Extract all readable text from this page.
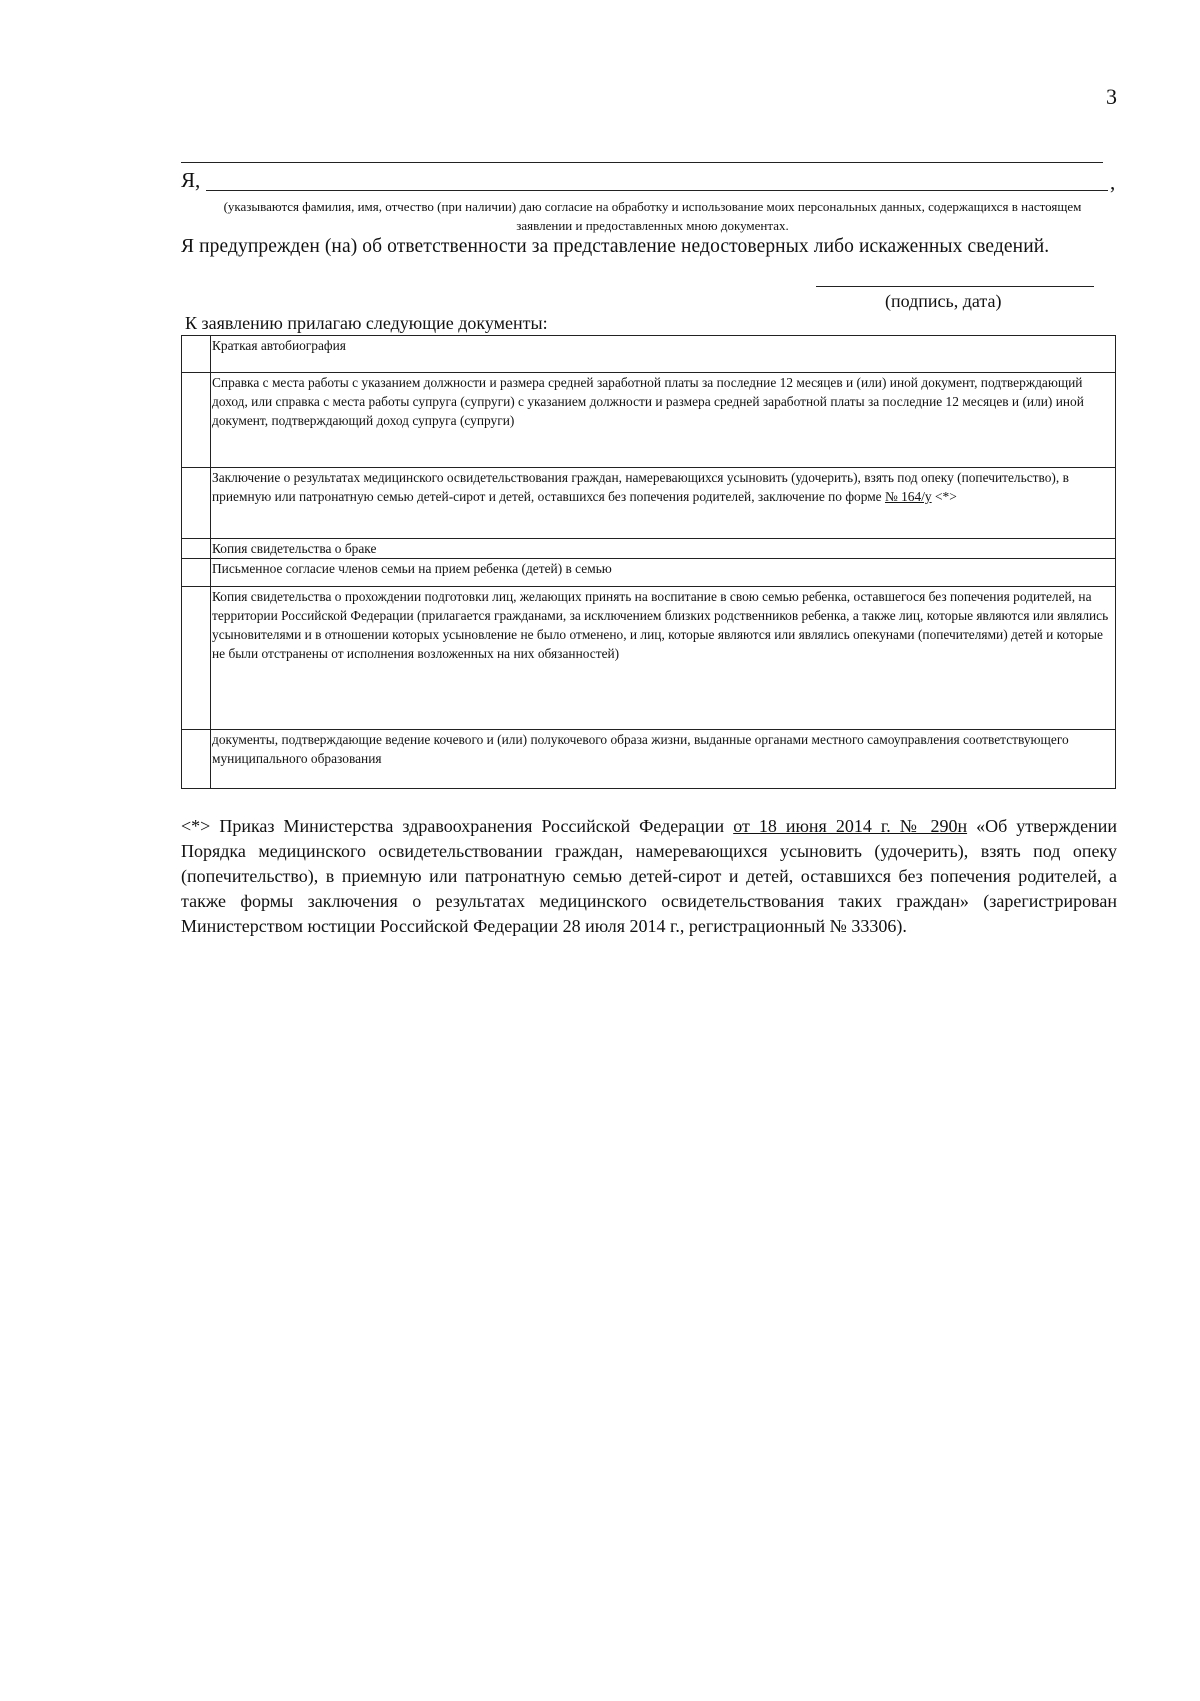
3
Я,	,
(указываются фамилия, имя, отчество (при наличии) даю согласие на обработку и использование моих персональных данных, содержащихся в настоящем заявлении и предоставленных мною документах.
Я предупрежден (на) об ответственности за представление недостоверных либо искаженных сведений.
(подпись, дата)
К заявлению прилагаю следующие документы:
	Краткая автобиография
	Справка с места работы с указанием должности и размера средней заработной платы за последние 12 месяцев и (или) иной документ, подтверждающий доход, или справка с места работы супруга (супруги) с указанием должности и размера средней заработной платы за последние 12 месяцев и (или) иной документ, подтверждающий доход супруга (супруги)
	Заключение о результатах медицинского освидетельствования граждан, намеревающихся усыновить (удочерить), взять под опеку (попечительство), в приемную или патронатную семью детей-сирот и детей, оставшихся без попечения родителей, заключение по форме № 164/у <*>
	Копия свидетельства о браке
	Письменное согласие членов семьи на прием ребенка (детей) в семью
	Копия свидетельства о прохождении подготовки лиц, желающих принять на воспитание в свою семью ребенка, оставшегося без попечения родителей, на территории Российской Федерации (прилагается гражданами, за исключением близких родственников ребенка, а также лиц, которые являются или являлись усыновителями и в отношении которых усыновление не было отменено, и лиц, которые являются или являлись опекунами (попечителями) детей и которые не были отстранены от исполнения возложенных на них обязанностей)
	документы, подтверждающие ведение кочевого и (или) полукочевого образа жизни, выданные органами местного самоуправления соответствующего муниципального образования
<*> Приказ Министерства здравоохранения Российской Федерации от 18 июня 2014 г. № 290н «Об утверждении Порядка медицинского освидетельствовании граждан, намеревающихся усыновить (удочерить), взять под опеку (попечительство), в приемную или патронатную семью детей-сирот и детей, оставшихся без попечения родителей, а также формы заключения о результатах медицинского освидетельствования таких граждан» (зарегистрирован Министерством юстиции Российской Федерации 28 июля 2014 г., регистрационный № 33306).
